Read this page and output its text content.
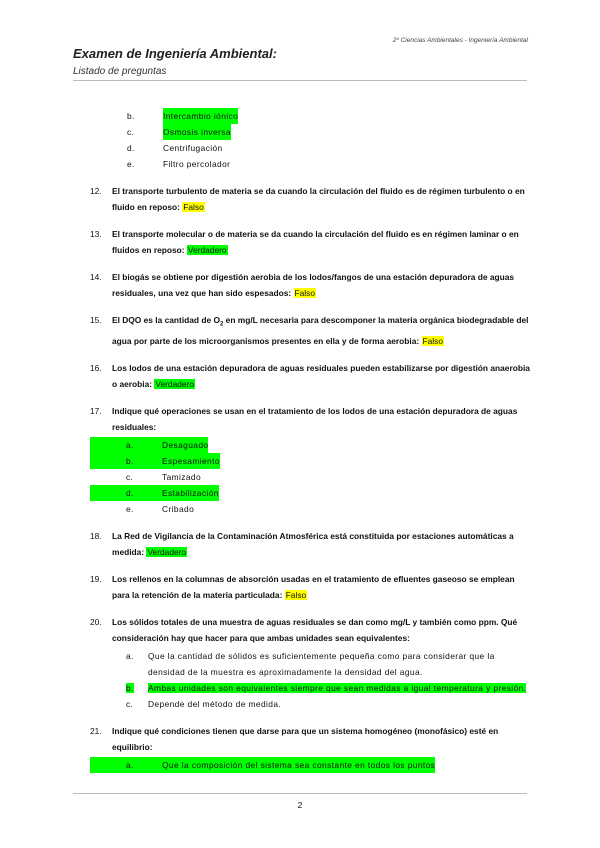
2º Ciencias Ambientales - Ingeniería Ambiental
Examen de Ingeniería Ambiental:
Listado de preguntas
b.	Intercambio iónico
c.	Osmosis inversa
d.	Centrifugación
e.	Filtro percolador
12.	El transporte turbulento de materia se da cuando la circulación del fluido es de régimen turbulento o en fluido en reposo: Falso
13.	El transporte molecular o de materia se da cuando la circulación del fluido es en régimen laminar o en fluidos en reposo: Verdadero
14.	El biogás se obtiene por digestión aerobia de los lodos/fangos de una estación depuradora de aguas residuales, una vez que han sido espesados: Falso
15.	El DQO es la cantidad de $O_2$ en mg/L necesaria para descomponer la materia orgánica biodegradable del agua por parte de los microorganismos presentes en ella y de forma aerobia: Falso
16.	Los lodos de una estación depuradora de aguas residuales pueden estabilizarse por digestión anaerobia o aerobia: Verdadero
17.	Indique qué operaciones se usan en el tratamiento de los lodos de una estación depuradora de aguas residuales:
a.	Desaguado
b.	Espesamiento
c.	Tamizado
d.	Estabilización
e.	Cribado
18.	La Red de Vigilancia de la Contaminación Atmosférica está constituida por estaciones automáticas a medida: Verdadero
19.	Los rellenos en la columnas de absorción usadas en el tratamiento de efluentes gaseoso se emplean para la retención de la materia particulada: Falso
20.	Los sólidos totales de una muestra de aguas residuales se dan como mg/L y también como ppm. Qué consideración hay que hacer para que ambas unidades sean equivalentes:
a.	Que la cantidad de sólidos es suficientemente pequeña como para considerar que la densidad de la muestra es aproximadamente la densidad del agua.
b.	Ambas unidades son equivalentes siempre que sean medidas a igual temperatura y presión.
c.	Depende del método de medida.
21.	Indique qué condiciones tienen que darse para que un sistema homogéneo (monofásico) esté en equilibrio:
a.	Que la composición del sistema sea constante en todos los puntos
2
